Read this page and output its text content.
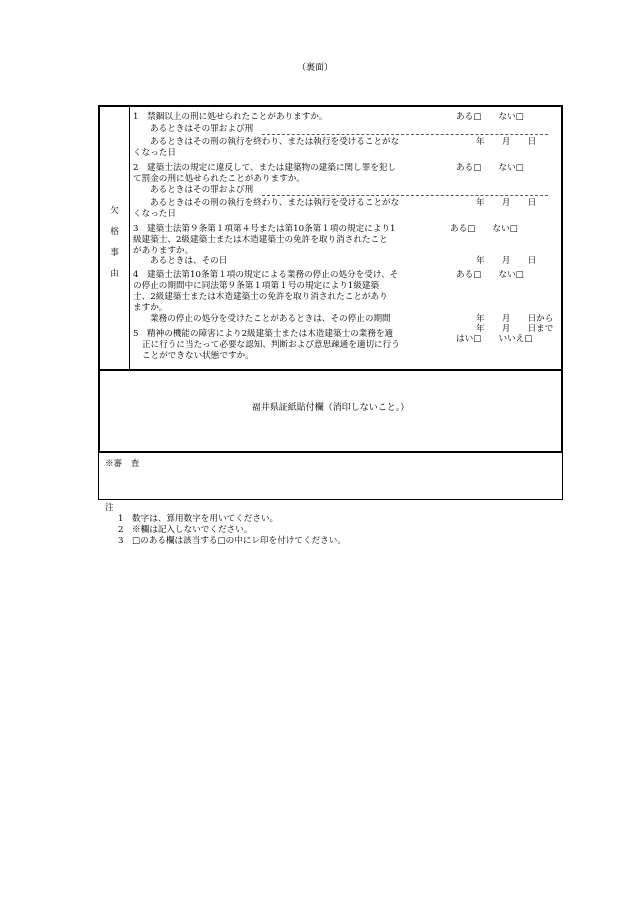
（裏面）
欠
格
事
由
福井県証紙貼付欄（消印しないこと。）
1　禁錮以上の刑に処せられたことがありますか。	ある□　　ない□
あるときはその罪および刑
あるときはその刑の執行を終わり、または執行を受けることがな
くなった日
年　　月　　日
2　建築士法の規定に違反して、または建築物の建築に関し罪を犯し
て罰金の刑に処せられたことがありますか。
ある□　　ない□
あるときはその罪および刑
あるときはその刑の執行を終わり、または執行を受けることがな
くなった日
年　　月　　日
3　建築士法第９条第１項第４号または第10条第１項の規定により1
級建築士、2級建築士または木造建築士の免許を取り消されたこと
がありますか。
ある□　　ない□
あるときは、その日	年　　月　　日
4　建築士法第10条第１項の規定による業務の停止の処分を受け、そ
の停止の期間中に同法第９条第１項第１号の規定により1級建築
士、2級建築士または木造建築士の免許を取り消されたことがあり
ますか。
ある□　　ない□
業務の停止の処分を受けたことがあるときは、その停止の期間	年　　月　　日から
年　　月　　日まで
5　精神の機能の障害により2級建築士または木造建築士の業務を適
正に行うに当たって必要な認知、判断および意思疎通を適切に行う
ことができない状態ですか。
はい□　　いいえ□
※審　査
注
1　数字は、算用数字を用いてください。
2　※欄は記入しないでください。
3　□のある欄は該当する□の中にレ印を付けてください。
